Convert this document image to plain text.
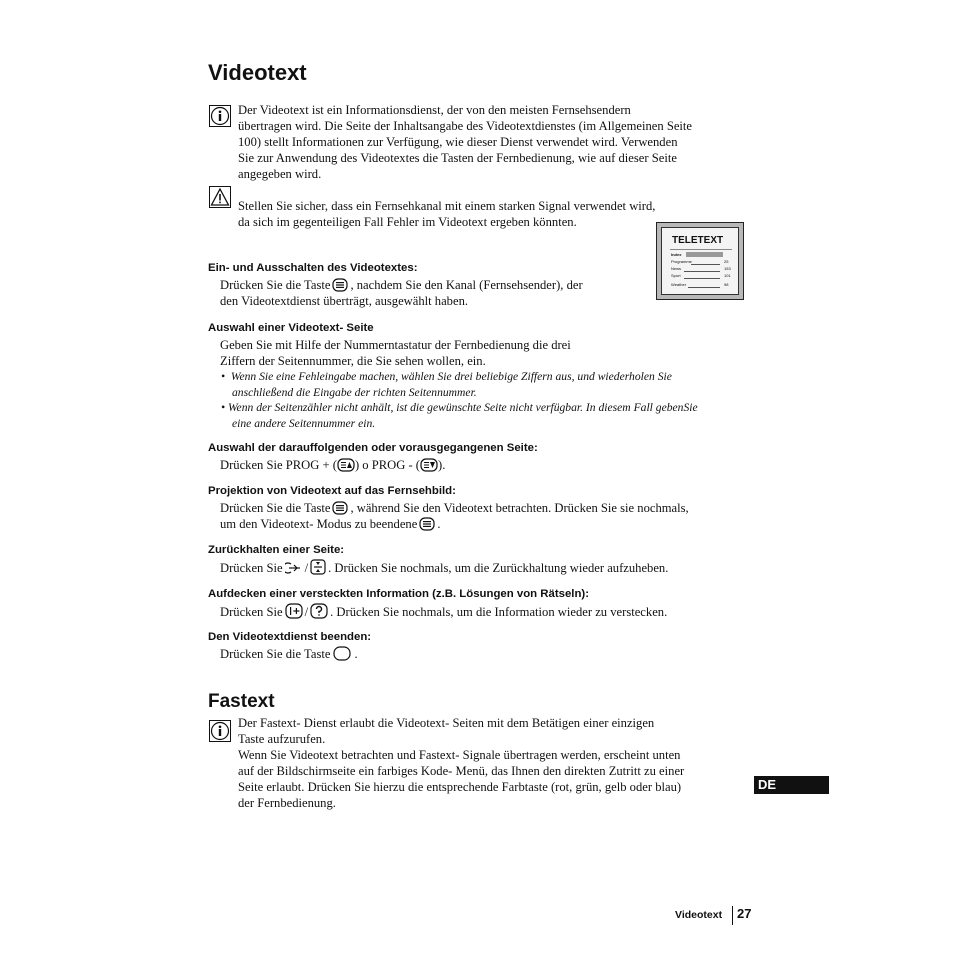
Videotext
Der Videotext ist ein Informationsdienst, der von den meisten Fernsehsendern
übertragen wird. Die Seite der Inhaltsangabe des Videotextdienstes (im Allgemeinen Seite
100) stellt Informationen zur Verfügung, wie dieser Dienst verwendet wird. Verwenden
Sie zur Anwendung des Videotextes die Tasten der Fernbedienung, wie auf dieser Seite
angegeben wird.
Stellen Sie sicher, dass ein Fernsehkanal mit einem starken Signal verwendet wird,
da sich im gegenteiligen Fall Fehler im Videotext ergeben könnten.
TELETEXT
Index
Programme	25
News	153
Sport	101
Weather	98
Ein- und Ausschalten des Videotextes:
Drücken Sie die Taste , nachdem Sie den Kanal (Fernsehsender), der
den Videotextdienst überträgt, ausgewählt haben.
Auswahl einer Videotext- Seite
Geben Sie mit Hilfe der Nummerntastatur der Fernbedienung die drei
Ziffern der Seitennummer, die Sie sehen wollen, ein.
•  Wenn Sie eine Fehleingabe machen, wählen Sie drei beliebige Ziffern aus, und wiederholen Sie
anschließend die Eingabe der richten Seitennummer.
• Wenn der Seitenzähler nicht anhält, ist die gewünschte Seite nicht verfügbar. In diesem Fall gebenSie
eine andere Seitennummer ein.
Auswahl der darauffolgenden oder vorausgegangenen Seite:
Drücken Sie PROG + ( ) o PROG - ( ).
Projektion von Videotext auf das Fernsehbild:
Drücken Sie die Taste , während Sie den Videotext betrachten. Drücken Sie sie nochmals,
um den Videotext- Modus zu beendene .
Zurückhalten einer Seite:
Drücken Sie / . Drücken Sie nochmals, um die Zurückhaltung wieder aufzuheben.
Aufdecken einer versteckten Information (z.B. Lösungen von Rätseln):
Drücken Sie / . Drücken Sie nochmals, um die Information wieder zu verstecken.
Den Videotextdienst beenden:
Drücken Sie die Taste .
Fastext
Der Fastext- Dienst erlaubt die Videotext- Seiten mit dem Betätigen einer einzigen
Taste aufzurufen.
Wenn Sie Videotext betrachten und Fastext- Signale übertragen werden, erscheint unten
auf der Bildschirmseite ein farbiges Kode- Menü, das Ihnen den direkten Zutritt zu einer
Seite erlaubt. Drücken Sie hierzu die entsprechende Farbtaste (rot, grün, gelb oder blau)
der Fernbedienung.
DE
Videotext 27
